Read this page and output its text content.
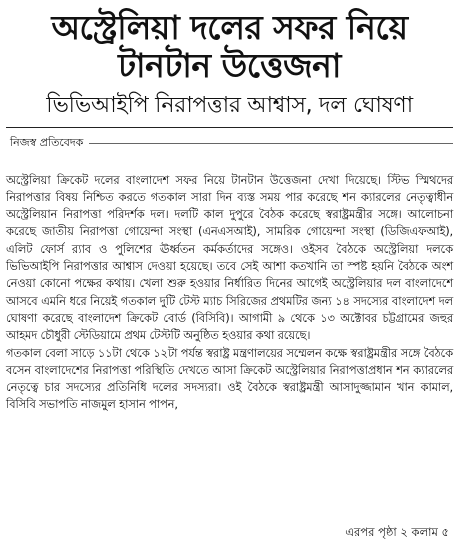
অস্ট্রেলিয়া দলের সফর নিয়ে
টানটান উত্তেজনা
ভিভিআইপি নিরাপত্তার আশ্বাস, দল ঘোষণা
নিজস্ব প্রতিবেদক

অস্ট্রেলিয়া ক্রিকেট দলের বাংলাদেশ সফর নিয়ে টানটান উত্তেজনা দেখা দিয়েছে। স্টিভ স্মিথদের নিরাপত্তার বিষয় নিশ্চিত করতে গতকাল সারা দিন ব্যস্ত সময় পার করেছে শন ক্যারলের নেতৃত্বাধীন অস্ট্রেলিয়ান নিরাপত্তা পরিদর্শক দল। দলটি কাল দুপুরে বৈঠক করেছে স্বরাষ্ট্রমন্ত্রীর সঙ্গে। আলোচনা করেছে জাতীয় নিরাপত্তা গোয়েন্দা সংস্থা (এনএসআই), সামরিক গোয়েন্দা সংস্থা (ডিজিএফআই), এলিট ফোর্স র‍্যাব ও পুলিশের ঊর্ধ্বতন কর্মকর্তাদের সঙ্গেও। ওইসব বৈঠকে অস্ট্রেলিয়া দলকে ভিভিআইপি নিরাপত্তার আশ্বাস দেওয়া হয়েছে। তবে সেই আশা কতখানি তা স্পষ্ট হয়নি বৈঠকে অংশ নেওয়া কোনো পক্ষের কথায়। খেলা শুরু হওয়ার নির্ধারিত দিনের আগেই অস্ট্রেলিয়ার দল বাংলাদেশে আসবে এমনি ধরে নিয়েই গতকাল দুটি টেস্ট ম্যাচ সিরিজের প্রথমটির জন্য ১৪ সদস্যের বাংলাদেশ দল ঘোষণা করেছে বাংলাদেশ ক্রিকেট বোর্ড (বিসিবি)। আগামী ৯ থেকে ১৩ অক্টোবর চট্টগ্রামের জহুর আহমদ চৌধুরী স্টেডিয়ামে প্রথম টেস্টটি অনুষ্ঠিত হওয়ার কথা রয়েছে।

গতকাল বেলা সাড়ে ১১টা থেকে ১২টা পর্যন্ত স্বরাষ্ট্র মন্ত্রণালয়ের সম্মেলন কক্ষে স্বরাষ্ট্রমন্ত্রীর সঙ্গে বৈঠকে বসেন বাংলাদেশের নিরাপত্তা পরিস্থিতি দেখতে আসা ক্রিকেট অস্ট্রেলিয়ার নিরাপত্তাপ্রধান শন ক্যারলের নেতৃত্বে চার সদস্যের প্রতিনিধি দলের সদস্যরা। ওই বৈঠকে স্বরাষ্ট্রমন্ত্রী আসাদুজ্জামান খান কামাল, বিসিবি সভাপতি নাজমুল হাসান পাপন,

এরপর পৃষ্ঠা ২ কলাম ৫
